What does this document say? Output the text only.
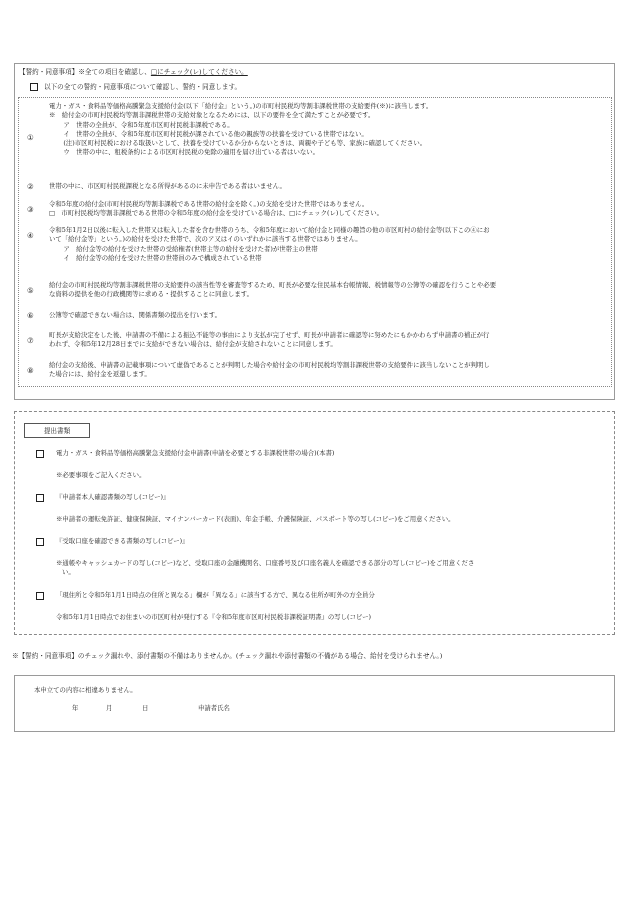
【誓約・同意事項】※全ての項目を確認し、□にチェック(レ)してください。
以下の全ての誓約・同意事項について確認し、誓約・同意します。
①

電力・ガス・食料品等価格高騰緊急支援給付金(以下「給付金」という。)の市町村民税均等割非課税世帯の支給要件(※)に該当します。

※　給付金の市町村民税均等割非課税世帯の支給対象となるためには、以下の要件を全て満たすことが必要です。

　ア　世帯の全員が、令和5年度市区町村民税非課税である。

　イ　世帯の全員が、令和5年度市区町村民税が課されている他の親族等の扶養を受けている世帯ではない。

　(注)市区町村民税における取扱いとして、扶養を受けているか分からないときは、両親や子ども等、家族に確認してください。

　ウ　世帯の中に、租税条約による市区町村民税の免除の適用を届け出ている者はいない。

② 世帯の中に、市区町村民税課税となる所得があるのに未申告である者はいません。

③

令和5年度の給付金(市町村民税均等割非課税である世帯の給付金を除く。)の支給を受けた世帯ではありません。

□　市町村民税均等割非課税である世帯の令和5年度の給付金を受けている場合は、□にチェック(レ)してください。

④

令和5年1月2日以後に転入した世帯又は転入した者を含む世帯のうち、令和5年度において給付金と同様の趣旨の他の市区町村の給付金等(以下この④にお

いて「給付金等」という。)の給付を受けた世帯で、次のア又はイのいずれかに該当する世帯ではありません。

　ア　給付金等の給付を受けた世帯の受給権者(世帯主等の給付を受けた者)が世帯主の世帯

　イ　給付金等の給付を受けた世帯の世帯員のみで構成されている世帯

⑤

給付金の市町村民税均等割非課税世帯の支給要件の該当性等を審査等するため、町長が必要な住民基本台帳情報、税情報等の公簿等の確認を行うことや必要

な資料の提供を他の行政機関等に求める・提供することに同意します。

⑥ 公簿等で確認できない場合は、関係書類の提出を行います。

⑦

町長が支給決定をした後、申請書の不備による振込不能等の事由により支払が完了せず、町長が申請者に確認等に努めたにもかかわらず申請書の補正が行

われず、令和5年12月28日までに支給ができない場合は、給付金が支給されないことに同意します。

⑧

給付金の支給後、申請書の記載事項について虚偽であることが判明した場合や給付金の市町村民税均等割非課税世帯の支給要件に該当しないことが判明し

た場合には、給付金を返還します。

提出書類
電力・ガス・食料品等価格高騰緊急支援給付金申請書(申請を必要とする非課税世帯の場合)(本書)
※必要事項をご記入ください。
『申請者本人確認書類の写し(コピー)』
※申請者の運転免許証、健康保険証、マイナンバーカード(表面)、年金手帳、介護保険証、パスポート等の写し(コピー)をご用意ください。
『受取口座を確認できる書類の写し(コピー)』
※通帳やキャッシュカードの写し(コピー)など、受取口座の金融機関名、口座番号及び口座名義人を確認できる部分の写し(コピー)をご用意くださ
い。
「現住所と令和5年1月1日時点の住所と異なる」欄が「異なる」に該当する方で、異なる住所が町外の方全員分
令和5年1月1日時点でお住まいの市区町村が発行する『令和5年度市区町村民税非課税証明書』の写し(コピー)
※【誓約・同意事項】のチェック漏れや、添付書類の不備はありませんか。(チェック漏れや添付書類の不備がある場合、給付を受けられません。)
本申立ての内容に相違ありません。
年	月	日	申請者氏名
